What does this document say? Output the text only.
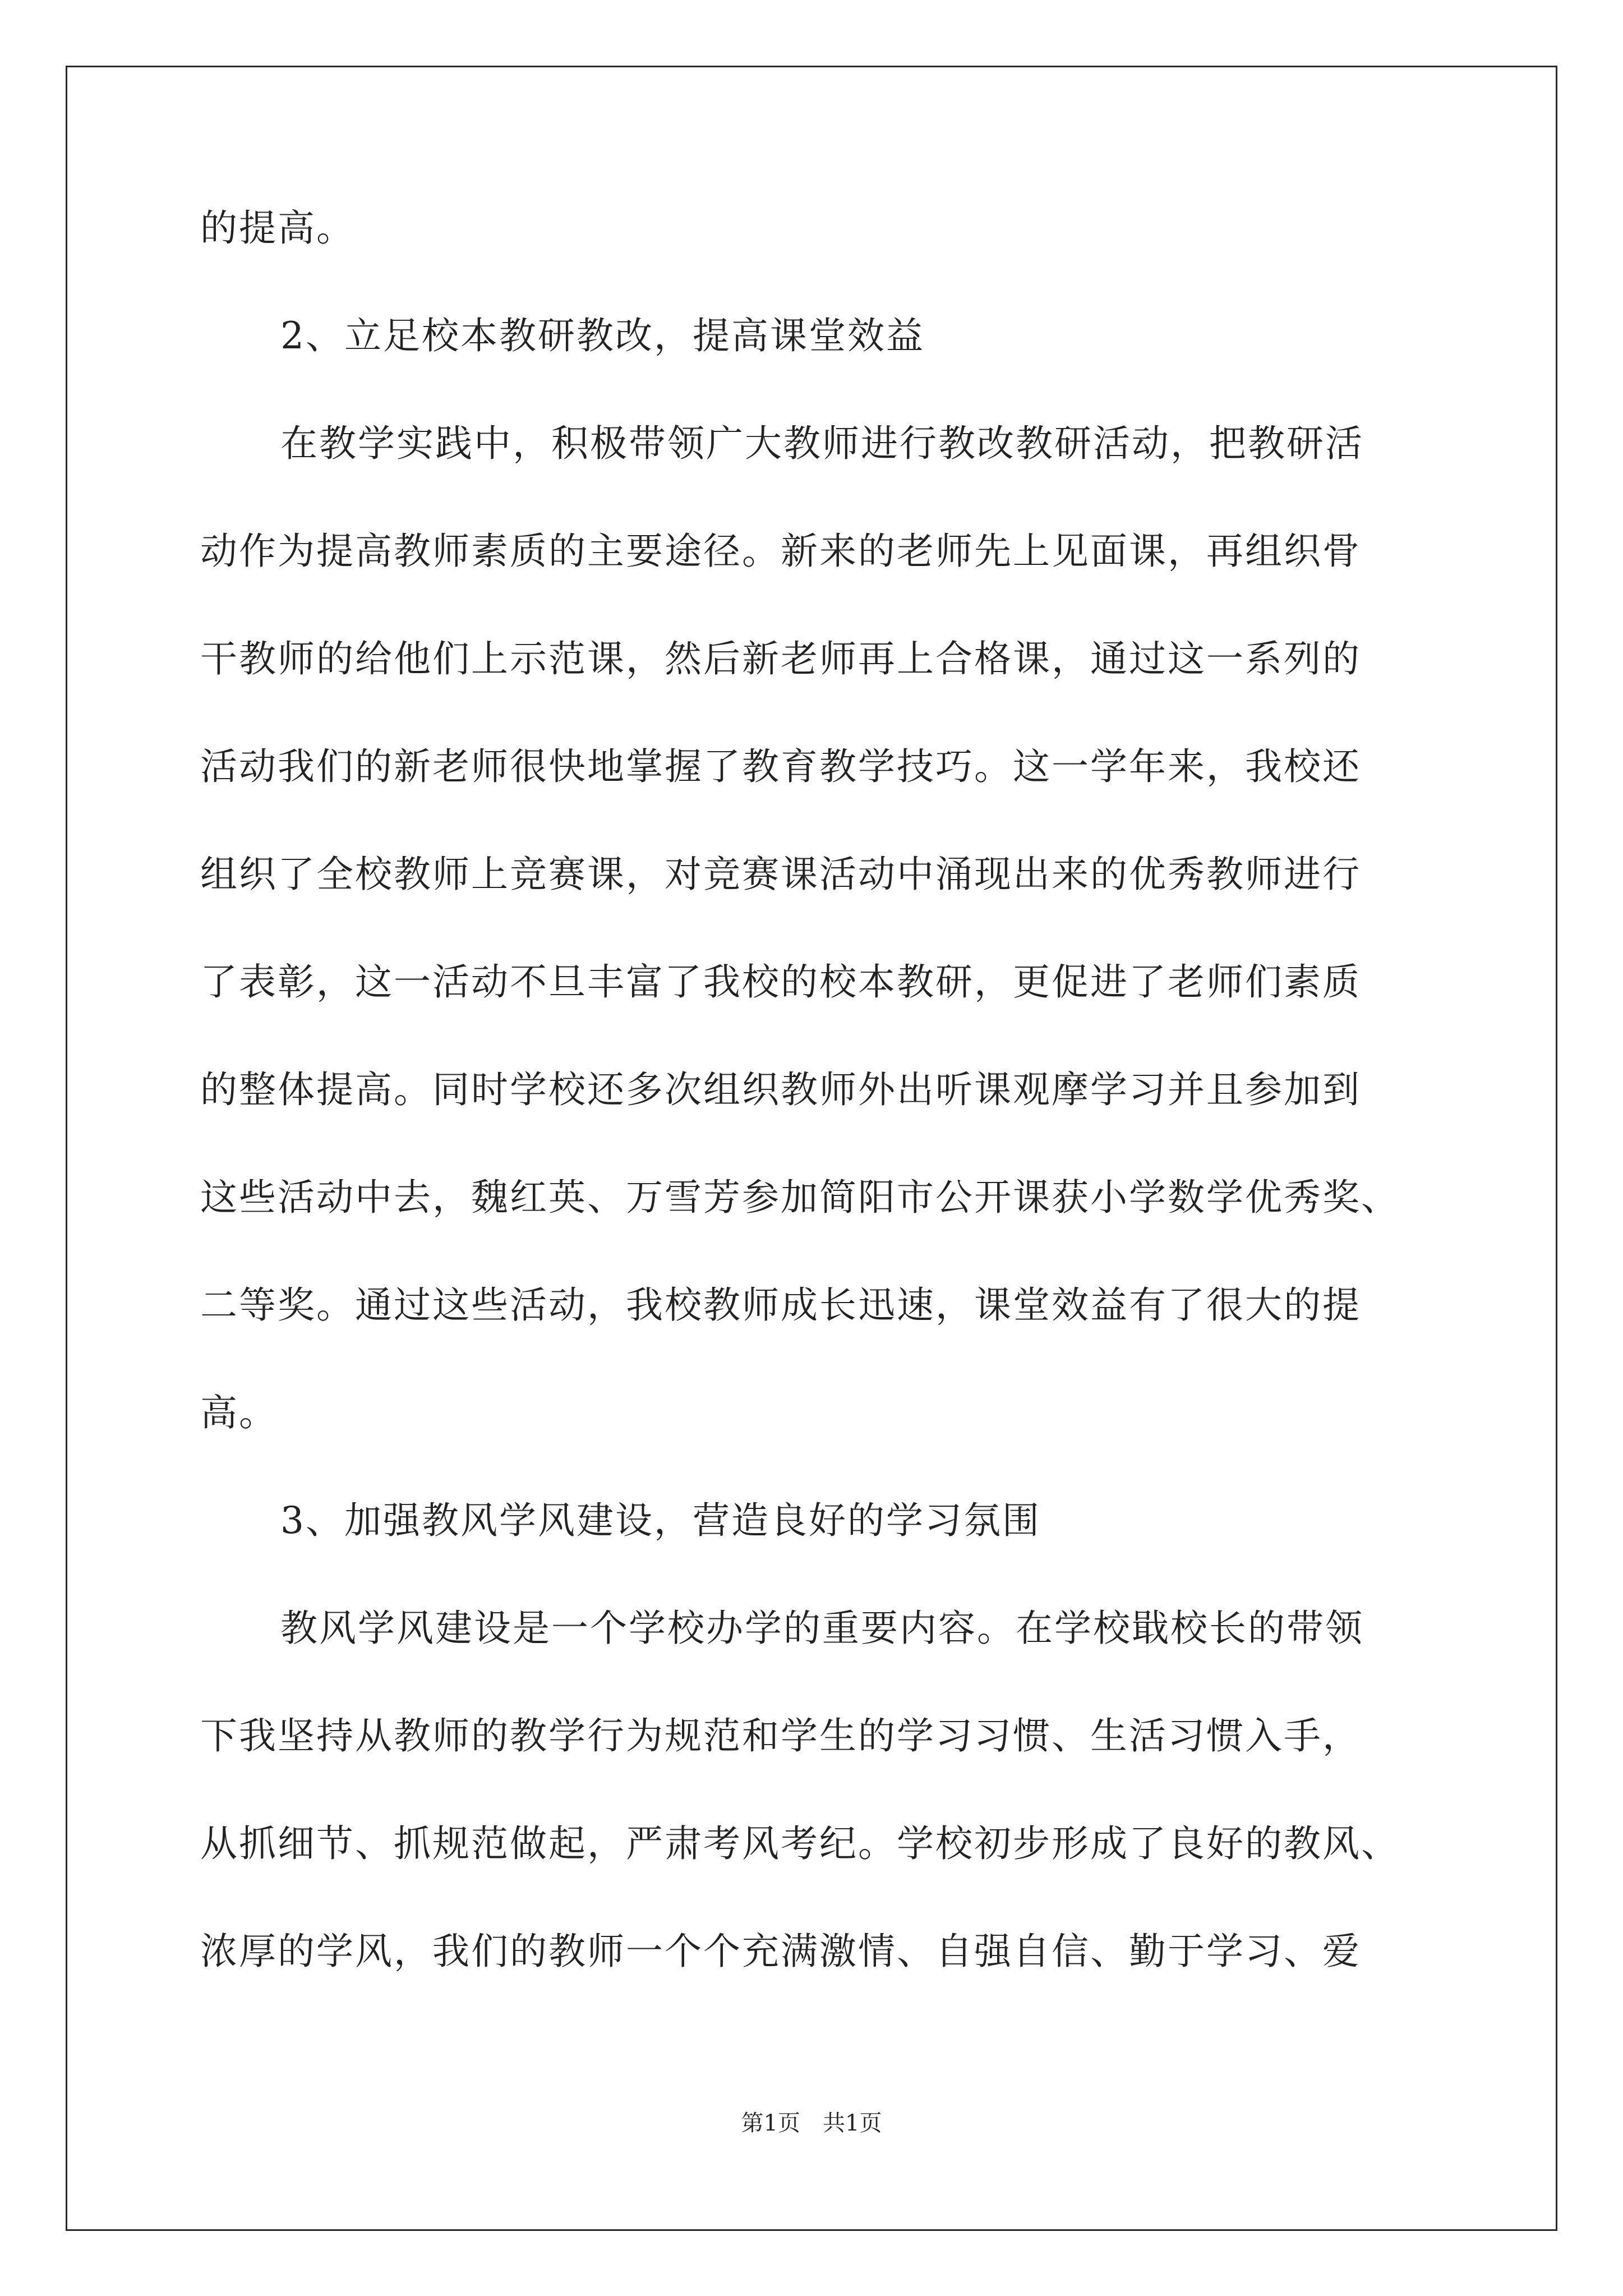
的提高。
2、立足校本教研教改，提高课堂效益
在教学实践中，积极带领广大教师进行教改教研活动，把教研活
动作为提高教师素质的主要途径。新来的老师先上见面课，再组织骨
干教师的给他们上示范课，然后新老师再上合格课，通过这一系列的
活动我们的新老师很快地掌握了教育教学技巧。这一学年来，我校还
组织了全校教师上竞赛课，对竞赛课活动中涌现出来的优秀教师进行
了表彰，这一活动不旦丰富了我校的校本教研，更促进了老师们素质
的整体提高。同时学校还多次组织教师外出听课观摩学习并且参加到
这些活动中去，魏红英、万雪芳参加简阳市公开课获小学数学优秀奖、
二等奖。通过这些活动，我校教师成长迅速，课堂效益有了很大的提
高。
3、加强教风学风建设，营造良好的学习氛围
教风学风建设是一个学校办学的重要内容。在学校戢校长的带领
下我坚持从教师的教学行为规范和学生的学习习惯、生活习惯入手，
从抓细节、抓规范做起，严肃考风考纪。学校初步形成了良好的教风、
浓厚的学风，我们的教师一个个充满激情、自强自信、勤于学习、爱
第1页　共1页
